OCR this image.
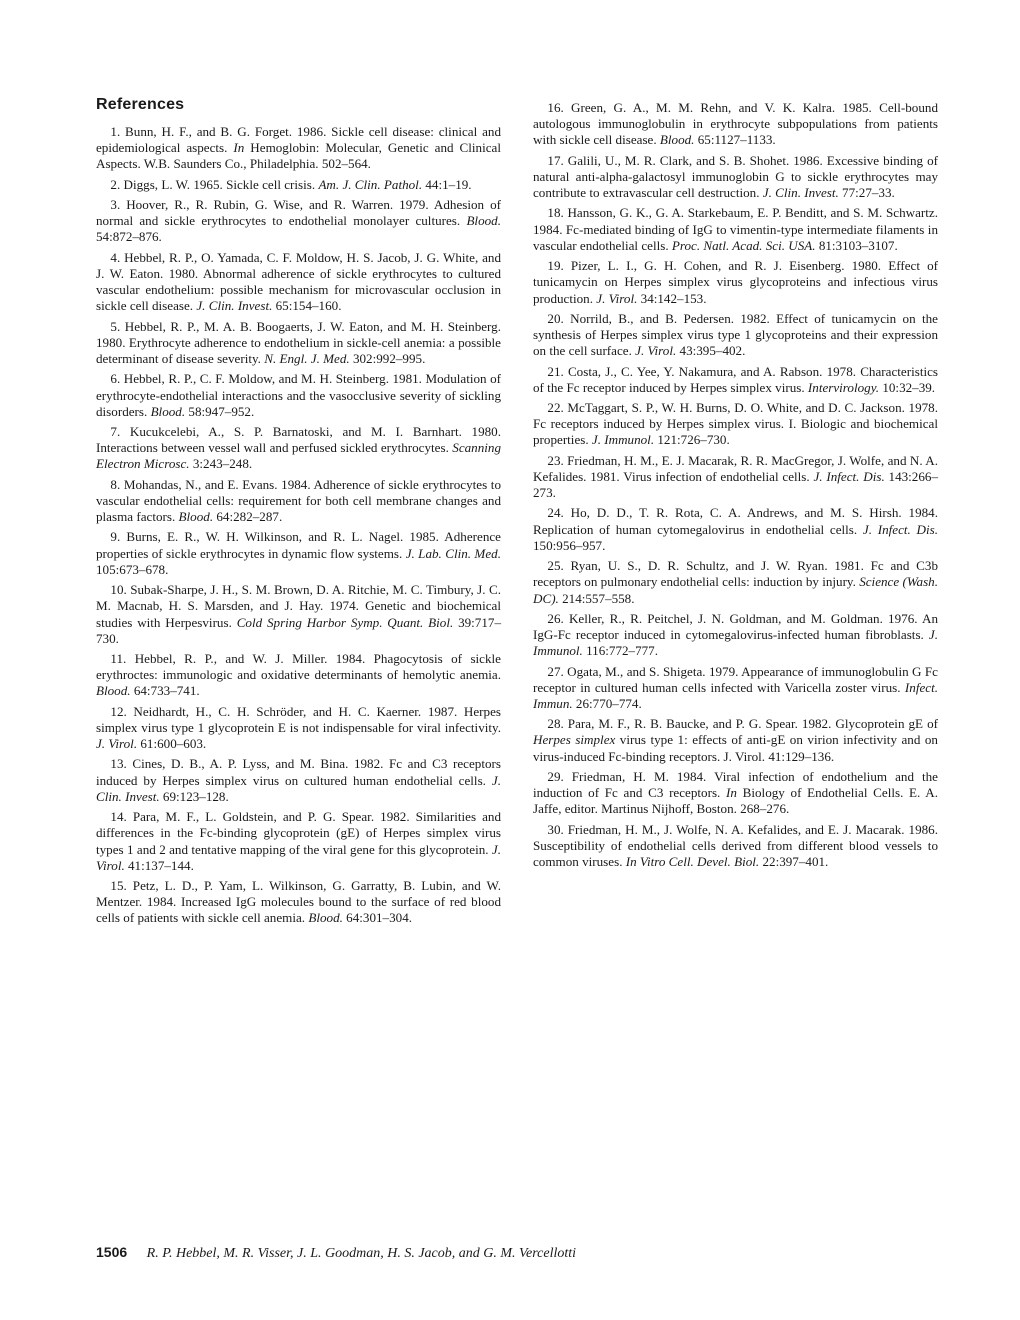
References

1. Bunn, H. F., and B. G. Forget. 1986. Sickle cell disease: clinical and epidemiological aspects. In Hemoglobin: Molecular, Genetic and Clinical Aspects. W.B. Saunders Co., Philadelphia. 502–564.

2. Diggs, L. W. 1965. Sickle cell crisis. Am. J. Clin. Pathol. 44:1–19.

3. Hoover, R., R. Rubin, G. Wise, and R. Warren. 1979. Adhesion of normal and sickle erythrocytes to endothelial monolayer cultures. Blood. 54:872–876.

4. Hebbel, R. P., O. Yamada, C. F. Moldow, H. S. Jacob, J. G. White, and J. W. Eaton. 1980. Abnormal adherence of sickle erythrocytes to cultured vascular endothelium: possible mechanism for microvascular occlusion in sickle cell disease. J. Clin. Invest. 65:154–160.

5. Hebbel, R. P., M. A. B. Boogaerts, J. W. Eaton, and M. H. Steinberg. 1980. Erythrocyte adherence to endothelium in sickle-cell anemia: a possible determinant of disease severity. N. Engl. J. Med. 302:992–995.

6. Hebbel, R. P., C. F. Moldow, and M. H. Steinberg. 1981. Modulation of erythrocyte-endothelial interactions and the vasocclusive severity of sickling disorders. Blood. 58:947–952.

7. Kucukcelebi, A., S. P. Barnatoski, and M. I. Barnhart. 1980. Interactions between vessel wall and perfused sickled erythrocytes. Scanning Electron Microsc. 3:243–248.

8. Mohandas, N., and E. Evans. 1984. Adherence of sickle erythrocytes to vascular endothelial cells: requirement for both cell membrane changes and plasma factors. Blood. 64:282–287.

9. Burns, E. R., W. H. Wilkinson, and R. L. Nagel. 1985. Adherence properties of sickle erythrocytes in dynamic flow systems. J. Lab. Clin. Med. 105:673–678.

10. Subak-Sharpe, J. H., S. M. Brown, D. A. Ritchie, M. C. Timbury, J. C. M. Macnab, H. S. Marsden, and J. Hay. 1974. Genetic and biochemical studies with Herpesvirus. Cold Spring Harbor Symp. Quant. Biol. 39:717–730.

11. Hebbel, R. P., and W. J. Miller. 1984. Phagocytosis of sickle erythroctes: immunologic and oxidative determinants of hemolytic anemia. Blood. 64:733–741.

12. Neidhardt, H., C. H. Schröder, and H. C. Kaerner. 1987. Herpes simplex virus type 1 glycoprotein E is not indispensable for viral infectivity. J. Virol. 61:600–603.

13. Cines, D. B., A. P. Lyss, and M. Bina. 1982. Fc and C3 receptors induced by Herpes simplex virus on cultured human endothelial cells. J. Clin. Invest. 69:123–128.

14. Para, M. F., L. Goldstein, and P. G. Spear. 1982. Similarities and differences in the Fc-binding glycoprotein (gE) of Herpes simplex virus types 1 and 2 and tentative mapping of the viral gene for this glycoprotein. J. Virol. 41:137–144.

15. Petz, L. D., P. Yam, L. Wilkinson, G. Garratty, B. Lubin, and W. Mentzer. 1984. Increased IgG molecules bound to the surface of red blood cells of patients with sickle cell anemia. Blood. 64:301–304.

16. Green, G. A., M. M. Rehn, and V. K. Kalra. 1985. Cell-bound autologous immunoglobulin in erythrocyte subpopulations from patients with sickle cell disease. Blood. 65:1127–1133.

17. Galili, U., M. R. Clark, and S. B. Shohet. 1986. Excessive binding of natural anti-alpha-galactosyl immunoglobin G to sickle erythrocytes may contribute to extravascular cell destruction. J. Clin. Invest. 77:27–33.

18. Hansson, G. K., G. A. Starkebaum, E. P. Benditt, and S. M. Schwartz. 1984. Fc-mediated binding of IgG to vimentin-type intermediate filaments in vascular endothelial cells. Proc. Natl. Acad. Sci. USA. 81:3103–3107.

19. Pizer, L. I., G. H. Cohen, and R. J. Eisenberg. 1980. Effect of tunicamycin on Herpes simplex virus glycoproteins and infectious virus production. J. Virol. 34:142–153.

20. Norrild, B., and B. Pedersen. 1982. Effect of tunicamycin on the synthesis of Herpes simplex virus type 1 glycoproteins and their expression on the cell surface. J. Virol. 43:395–402.

21. Costa, J., C. Yee, Y. Nakamura, and A. Rabson. 1978. Characteristics of the Fc receptor induced by Herpes simplex virus. Intervirology. 10:32–39.

22. McTaggart, S. P., W. H. Burns, D. O. White, and D. C. Jackson. 1978. Fc receptors induced by Herpes simplex virus. I. Biologic and biochemical properties. J. Immunol. 121:726–730.

23. Friedman, H. M., E. J. Macarak, R. R. MacGregor, J. Wolfe, and N. A. Kefalides. 1981. Virus infection of endothelial cells. J. Infect. Dis. 143:266–273.

24. Ho, D. D., T. R. Rota, C. A. Andrews, and M. S. Hirsh. 1984. Replication of human cytomegalovirus in endothelial cells. J. Infect. Dis. 150:956–957.

25. Ryan, U. S., D. R. Schultz, and J. W. Ryan. 1981. Fc and C3b receptors on pulmonary endothelial cells: induction by injury. Science (Wash. DC). 214:557–558.

26. Keller, R., R. Peitchel, J. N. Goldman, and M. Goldman. 1976. An IgG-Fc receptor induced in cytomegalovirus-infected human fibroblasts. J. Immunol. 116:772–777.

27. Ogata, M., and S. Shigeta. 1979. Appearance of immunoglobulin G Fc receptor in cultured human cells infected with Varicella zoster virus. Infect. Immun. 26:770–774.

28. Para, M. F., R. B. Baucke, and P. G. Spear. 1982. Glycoprotein gE of Herpes simplex virus type 1: effects of anti-gE on virion infectivity and on virus-induced Fc-binding receptors. J. Virol. 41:129–136.

29. Friedman, H. M. 1984. Viral infection of endothelium and the induction of Fc and C3 receptors. In Biology of Endothelial Cells. E. A. Jaffe, editor. Martinus Nijhoff, Boston. 268–276.

30. Friedman, H. M., J. Wolfe, N. A. Kefalides, and E. J. Macarak. 1986. Susceptibility of endothelial cells derived from different blood vessels to common viruses. In Vitro Cell. Devel. Biol. 22:397–401.

1506 R. P. Hebbel, M. R. Visser, J. L. Goodman, H. S. Jacob, and G. M. Vercellotti
